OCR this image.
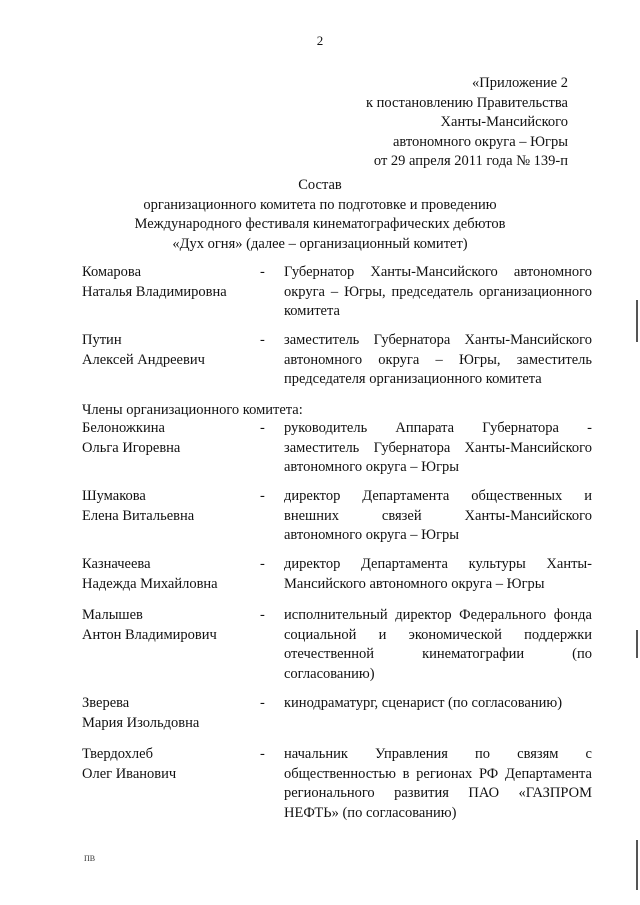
2
«Приложение 2
к постановлению Правительства
Ханты-Мансийского
автономного округа – Югры
от 29 апреля 2011 года № 139-п
Состав
организационного комитета по подготовке и проведению
Международного фестиваля кинематографических дебютов
«Дух огня» (далее – организационный комитет)
Комарова
Наталья Владимировна
- Губернатор Ханты-Мансийского автономного округа – Югры, председатель организационного комитета
Путин
Алексей Андреевич
- заместитель Губернатора Ханты-Мансийского автономного округа – Югры, заместитель председателя организационного комитета
Члены организационного комитета:
Белоножкина
Ольга Игоревна
- руководитель Аппарата Губернатора - заместитель Губернатора Ханты-Мансийского автономного округа – Югры
Шумакова
Елена Витальевна
- директор Департамента общественных и внешних связей Ханты-Мансийского автономного округа – Югры
Казначеева
Надежда Михайловна
- директор Департамента культуры Ханты-Мансийского автономного округа – Югры
Малышев
Антон Владимирович
- исполнительный директор Федерального фонда социальной и экономической поддержки отечественной кинематографии (по согласованию)
Зверева
Мария Изольдовна
- кинодраматург, сценарист (по согласованию)
Твердохлеб
Олег Иванович
- начальник Управления по связям с общественностью в регионах РФ Департамента регионального развития ПАО «ГАЗПРОМ НЕФТЬ» (по согласованию)
ПВ
